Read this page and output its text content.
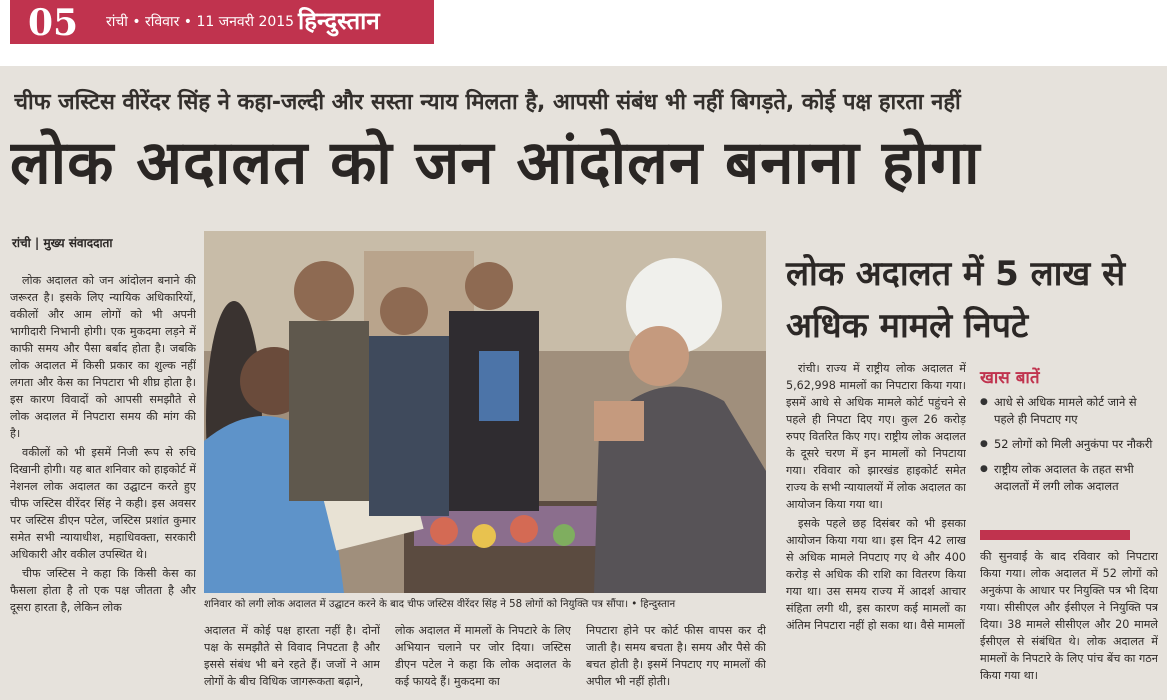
05 रांची • रविवार • 11 जनवरी 2015 हिन्दुस्तान
चीफ जस्टिस वीरेंदर सिंह ने कहा-जल्दी और सस्ता न्याय मिलता है, आपसी संबंध भी नहीं बिगड़ते, कोई पक्ष हारता नहीं
लोक अदालत को जन आंदोलन बनाना होगा
रांची | मुख्य संवाददाता

लोक अदालत को जन आंदोलन बनाने की जरूरत है। इसके लिए न्यायिक अधिकारियों, वकीलों और आम लोगों को भी अपनी भागीदारी निभानी होगी। एक मुकदमा लड़ने में काफी समय और पैसा बर्बाद होता है। जबकि लोक अदालत में किसी प्रकार का शुल्क नहीं लगता और केस का निपटारा भी शीघ्र होता है। इस कारण विवादों को आपसी समझौते से लोक अदालत में निपटारा समय की मांग की है।

वकीलों को भी इसमें निजी रूप से रुचि दिखानी होगी। यह बात शनिवार को हाइकोर्ट में नेशनल लोक अदालत का उद्घाटन करते हुए चीफ जस्टिस वीरेंदर सिंह ने कही। इस अवसर पर जस्टिस डीएन पटेल, जस्टिस प्रशांत कुमार समेत सभी न्यायाधीश, महाधिवक्ता, सरकारी अधिकारी और वकील उपस्थित थे।

चीफ जस्टिस ने कहा कि किसी केस का फैसला होता है तो एक पक्ष जीतता है और दूसरा हारता है, लेकिन लोक	शनिवार को लगी लोक अदालत में उद्घाटन करने के बाद चीफ जस्टिस वीरेंदर सिंह ने 58 लोगों को नियुक्ति पत्र सौंपा। • हिन्दुस्तान
अदालत में कोई पक्ष हारता नहीं है। दोनों पक्ष के समझौते से विवाद निपटता है और इससे संबंध भी बने रहते हैं। जजों ने आम लोगों के बीच विधिक जागरूकता बढ़ाने,
लोक अदालत में मामलों के निपटारे के लिए अभियान चलाने पर जोर दिया। जस्टिस डीएन पटेल ने कहा कि लोक अदालत के कई फायदे हैं। मुकदमा का
निपटारा होने पर कोर्ट फीस वापस कर दी जाती है। समय बचता है। समय और पैसे की बचत होती है। इसमें निपटाए गए मामलों की अपील भी नहीं होती।
लोक अदालत में 5 लाख से अधिक मामले निपटे

रांची। राज्य में राष्ट्रीय लोक अदालत में 5,62,998 मामलों का निपटारा किया गया। इसमें आधे से अधिक मामले कोर्ट पहुंचने से पहले ही निपटा दिए गए। कुल 26 करोड़ रुपए वितरित किए गए। राष्ट्रीय लोक अदालत के दूसरे चरण में इन मामलों को निपटाया गया। रविवार को झारखंड हाइकोर्ट समेत राज्य के सभी न्यायालयों में लोक अदालत का आयोजन किया गया था।

इसके पहले छह दिसंबर को भी इसका आयोजन किया गया था। इस दिन 42 लाख से अधिक मामले निपटाए गए थे और 400 करोड़ से अधिक की राशि का वितरण किया गया था। उस समय राज्य में आदर्श आचार संहिता लगी थी, इस कारण कई मामलों का अंतिम निपटारा नहीं हो सका था। वैसे मामलों

खास बातें
● आधे से अधिक मामले कोर्ट जाने से पहले ही निपटाए गए
● 52 लोगों को मिली अनुकंपा पर नौकरी
● राष्ट्रीय लोक अदालत के तहत सभी अदालतों में लगी लोक अदालत
की सुनवाई के बाद रविवार को निपटारा किया गया। लोक अदालत में 52 लोगों को अनुकंपा के आधार पर नियुक्ति पत्र भी दिया गया। सीसीएल और ईसीएल ने नियुक्ति पत्र दिया। 38 मामले सीसीएल और 20 मामले ईसीएल से संबंधित थे। लोक अदालत में मामलों के निपटारे के लिए पांच बेंच का गठन किया गया था।
